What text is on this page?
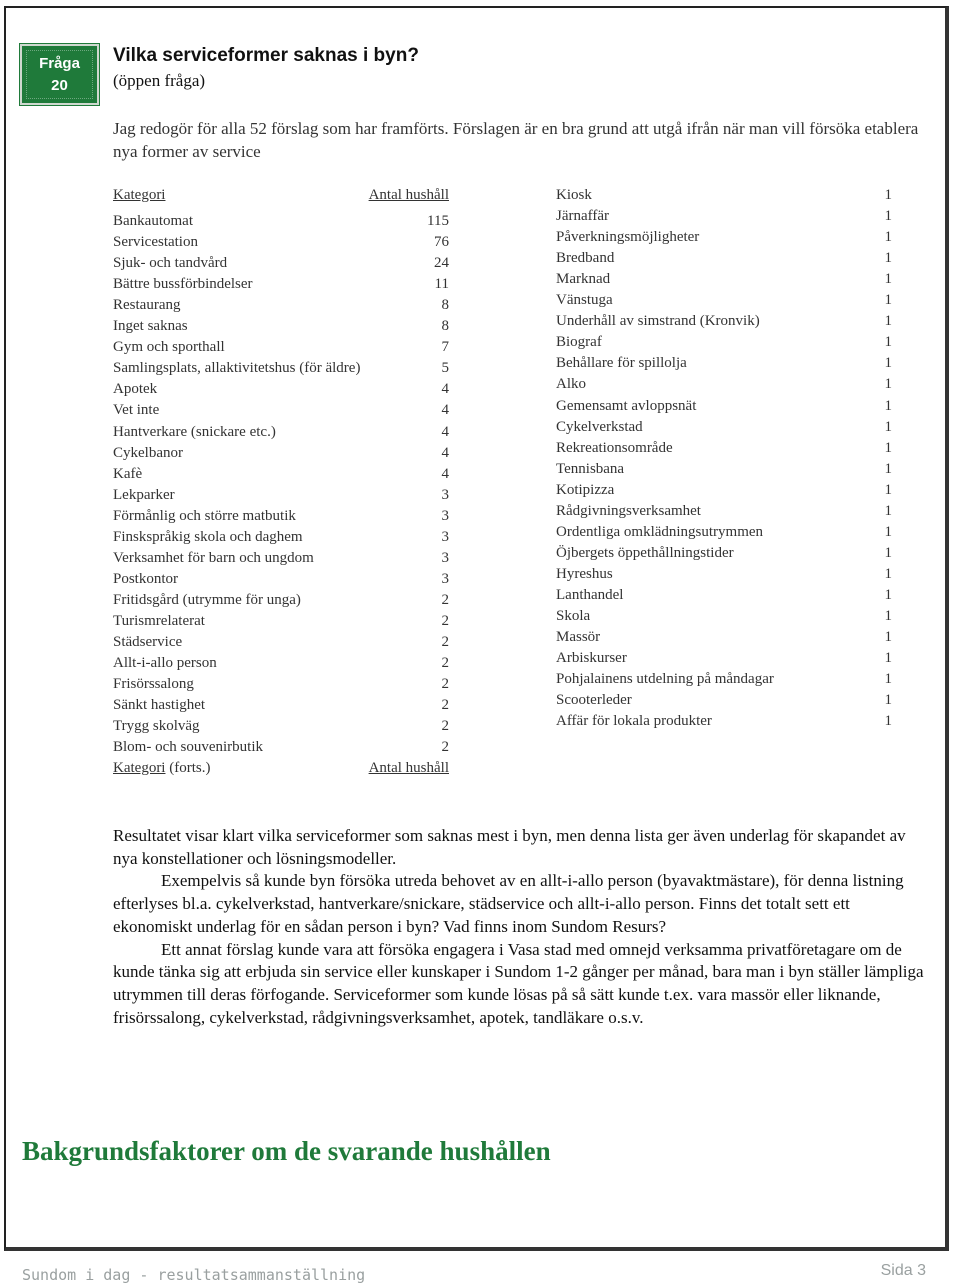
Fråga
20
Vilka serviceformer saknas i byn?
(öppen fråga)
Jag redogör för alla 52 förslag som har framförts. Förslagen är en bra grund att utgå ifrån när man vill försöka etablera nya former av service
Kategori	Antal hushåll
Bankautomat	115
Servicestation	76
Sjuk- och tandvård	24
Bättre bussförbindelser	11
Restaurang	8
Inget saknas	8
Gym och sporthall	7
Samlingsplats, allaktivitetshus (för äldre)	5
Apotek	4
Vet inte	4
Hantverkare (snickare etc.)	4
Cykelbanor	4
Kafè	4
Lekparker	3
Förmånlig och större matbutik	3
Finskspråkig skola och daghem	3
Verksamhet för barn och ungdom	3
Postkontor	3
Fritidsgård (utrymme för unga)	2
Turismrelaterat	2
Städservice	2
Allt-i-allo person	2
Frisörssalong	2
Sänkt hastighet	2
Trygg skolväg	2
Blom- och souvenirbutik	2
Kategori (forts.)	Antal hushåll
Kiosk	1
Järnaffär	1
Påverkningsmöjligheter	1
Bredband	1
Marknad	1
Vänstuga	1
Underhåll av simstrand (Kronvik)	1
Biograf	1
Behållare för spillolja	1
Alko	1
Gemensamt avloppsnät	1
Cykelverkstad	1
Rekreationsområde	1
Tennisbana	1
Kotipizza	1
Rådgivningsverksamhet	1
Ordentliga omklädningsutrymmen	1
Öjbergets öppethållningstider	1
Hyreshus	1
Lanthandel	1
Skola	1
Massör	1
Arbiskurser	1
Pohjalainens utdelning på måndagar	1
Scooterleder	1
Affär för lokala produkter	1

Resultatet visar klart vilka serviceformer som saknas mest i byn, men denna lista ger även underlag för skapandet av nya konstellationer och lösningsmodeller.

Exempelvis så kunde byn försöka utreda behovet av en allt-i-allo person (byavaktmästare), för denna listning efterlyses bl.a. cykelverkstad, hantverkare/snickare, städservice och allt-i-allo person. Finns det totalt sett ett ekonomiskt underlag för en sådan person i byn? Vad finns inom Sundom Resurs?

Ett annat förslag kunde vara att försöka engagera i Vasa stad med omnejd verksamma privatföretagare om de kunde tänka sig att erbjuda sin service eller kunskaper i Sundom 1-2 gånger per månad, bara man i byn ställer lämpliga utrymmen till deras förfogande. Serviceformer som kunde lösas på så sätt kunde t.ex. vara massör eller liknande, frisörssalong, cykelverkstad, rådgivningsverksamhet, apotek, tandläkare o.s.v.

Bakgrundsfaktorer om de svarande hushållen
Sundom i dag - resultatsammanställning	Sida 3
